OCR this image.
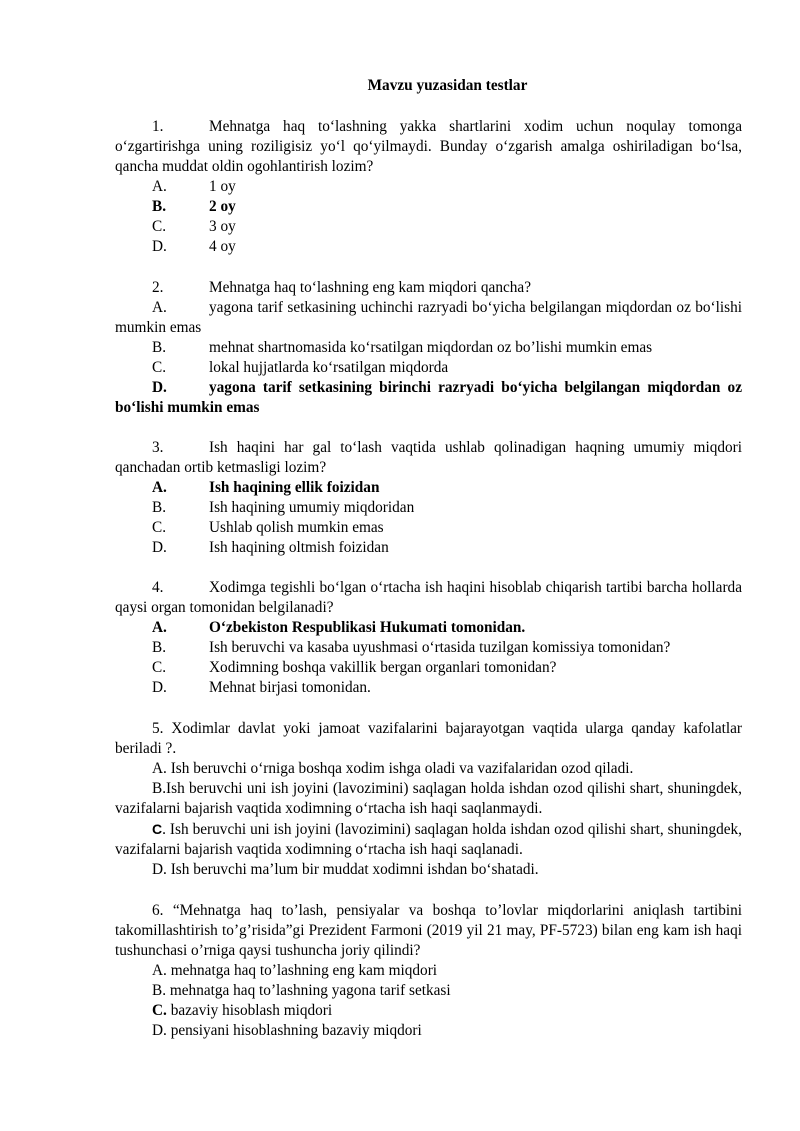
Mavzu yuzasidan testlar

1.	Mehnatga haq to‘lashning yakka shartlarini xodim uchun noqulay tomonga o‘zgartirishga uning roziligisiz yo‘l qo‘yilmaydi. Bunday o‘zgarish amalga oshiriladigan bo‘lsa, qancha muddat oldin ogohlantirish lozim?

A.	1 oy
B.	2 oy
C.	3 oy
D.	4 oy

2.	Mehnatga haq to‘lashning eng kam miqdori qancha?

A.	yagona tarif setkasining uchinchi razryadi bo‘yicha belgilangan miqdordan oz bo‘lishi mumkin emas

B.	mehnat shartnomasida ko‘rsatilgan miqdordan oz bo’lishi mumkin emas
C.	lokal hujjatlarda ko‘rsatilgan miqdorda

D.	yagona tarif setkasining birinchi razryadi bo‘yicha belgilangan miqdordan oz bo‘lishi mumkin emas

3.	Ish haqini har gal to‘lash vaqtida ushlab qolinadigan haqning umumiy miqdori qanchadan ortib ketmasligi lozim?

A.	Ish haqining ellik foizidan
B.	Ish haqining umumiy miqdoridan
C.	Ushlab qolish mumkin emas
D.	Ish haqining oltmish foizidan

4.	Xodimga tegishli bo‘lgan o‘rtacha ish haqini hisoblab chiqarish tartibi barcha hollarda qaysi organ tomonidan belgilanadi?

A.	O‘zbekiston Respublikasi Hukumati tomonidan.
B.	Ish beruvchi va kasaba uyushmasi o‘rtasida tuzilgan komissiya tomonidan?
C.	Xodimning boshqa vakillik bergan organlari tomonidan?
D.	Mehnat birjasi tomonidan.

5. Xodimlar davlat yoki jamoat vazifalarini bajarayotgan vaqtida ularga qanday kafolatlar beriladi ?.

A. Ish beruvchi o‘rniga boshqa xodim ishga oladi va vazifalaridan ozod qiladi.

B.Ish beruvchi uni ish joyini (lavozimini) saqlagan holda ishdan ozod qilishi shart, shuningdek, vazifalarni bajarish vaqtida xodimning o‘rtacha ish haqi saqlanmaydi.

C. Ish beruvchi uni ish joyini (lavozimini) saqlagan holda ishdan ozod qilishi shart, shuningdek, vazifalarni bajarish vaqtida xodimning o‘rtacha ish haqi saqlanadi.

D. Ish beruvchi ma’lum bir muddat xodimni ishdan bo‘shatadi.

6. “Mehnatga haq to’lash, pensiyalar va boshqa to’lovlar miqdorlarini aniqlash tartibini takomillashtirish to’g’risida”gi Prezident Farmoni (2019 yil 21 may, PF-5723) bilan eng kam ish haqi tushunchasi o’rniga qaysi tushuncha joriy qilindi?

A. mehnatga haq to’lashning eng kam miqdori

B. mehnatga haq to’lashning yagona tarif setkasi

C. bazaviy hisoblash miqdori

D. pensiyani hisoblashning bazaviy miqdori
